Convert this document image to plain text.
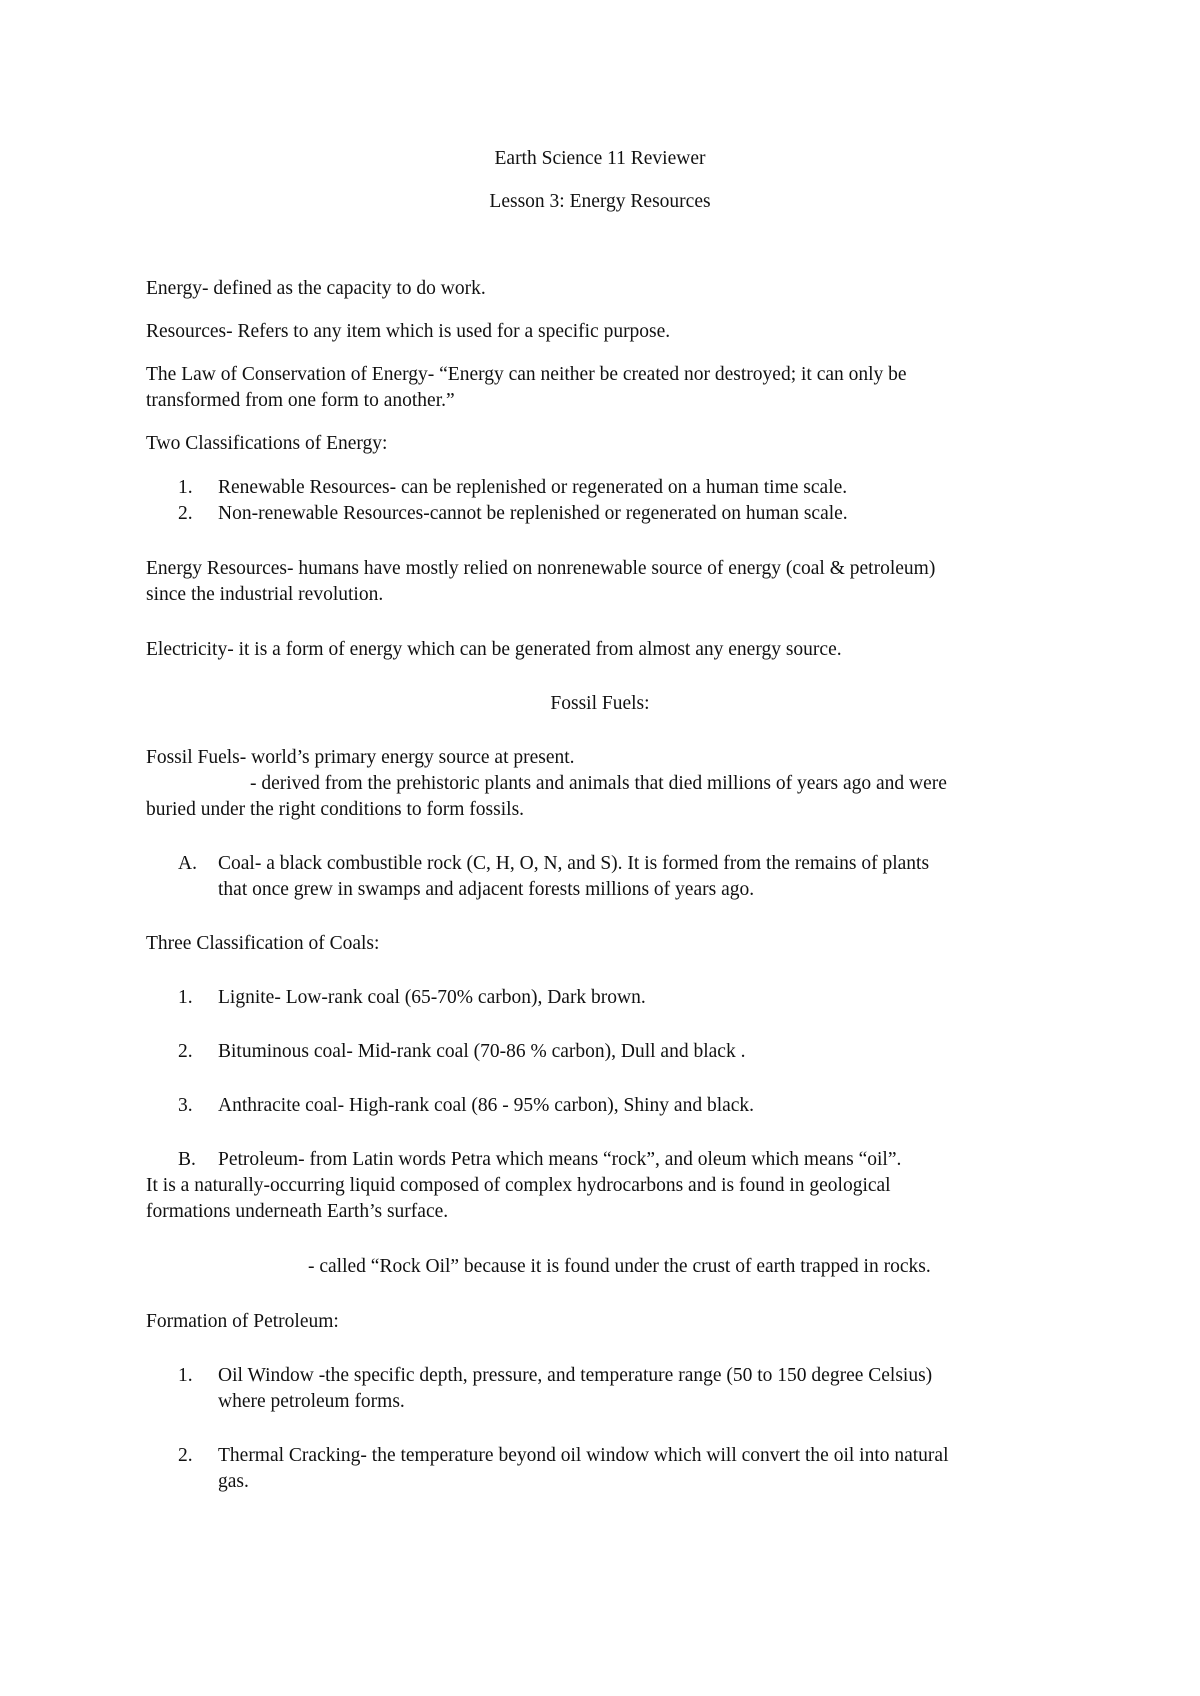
Earth Science 11 Reviewer
Lesson 3: Energy Resources
Energy- defined as the capacity to do work.
Resources- Refers to any item which is used for a specific purpose.
The Law of Conservation of Energy- “Energy can neither be created nor destroyed; it can only be
transformed from one form to another.”
Two Classifications of Energy:
1. Renewable Resources- can be replenished or regenerated on a human time scale.
2. Non-renewable Resources-cannot be replenished or regenerated on human scale.
Energy Resources- humans have mostly relied on nonrenewable source of energy (coal & petroleum)
since the industrial revolution.
Electricity- it is a form of energy which can be generated from almost any energy source.
Fossil Fuels:
Fossil Fuels- world’s primary energy source at present.
- derived from the prehistoric plants and animals that died millions of years ago and were
buried under the right conditions to form fossils.
A. Coal- a black combustible rock (C, H, O, N, and S). It is formed from the remains of plants
that once grew in swamps and adjacent forests millions of years ago.
Three Classification of Coals:
1. Lignite- Low-rank coal (65-70% carbon), Dark brown.
2. Bituminous coal- Mid-rank coal (70-86 % carbon), Dull and black .
3. Anthracite coal- High-rank coal (86 - 95% carbon), Shiny and black.
B. Petroleum- from Latin words Petra which means “rock”, and oleum which means “oil”.
It is a naturally-occurring liquid composed of complex hydrocarbons and is found in geological
formations underneath Earth’s surface.
- called “Rock Oil” because it is found under the crust of earth trapped in rocks.
Formation of Petroleum:
1. Oil Window -the specific depth, pressure, and temperature range (50 to 150 degree Celsius)
where petroleum forms.
2. Thermal Cracking- the temperature beyond oil window which will convert the oil into natural
gas.
